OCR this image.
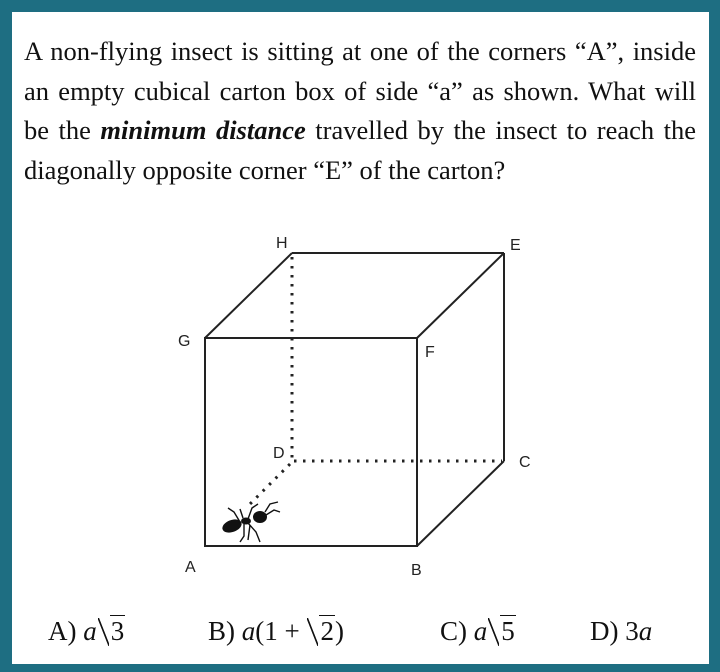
A non-flying insect is sitting at one of the corners “A”, inside an empty cubical carton box of side “a” as shown. What will be the minimum distance travelled by the insect to reach the diagonally opposite corner “E” of the carton?
A	B
C
D
E
F
G
H
A) a 3	B) a(1 + 2)	C) a 5	D) 3a
